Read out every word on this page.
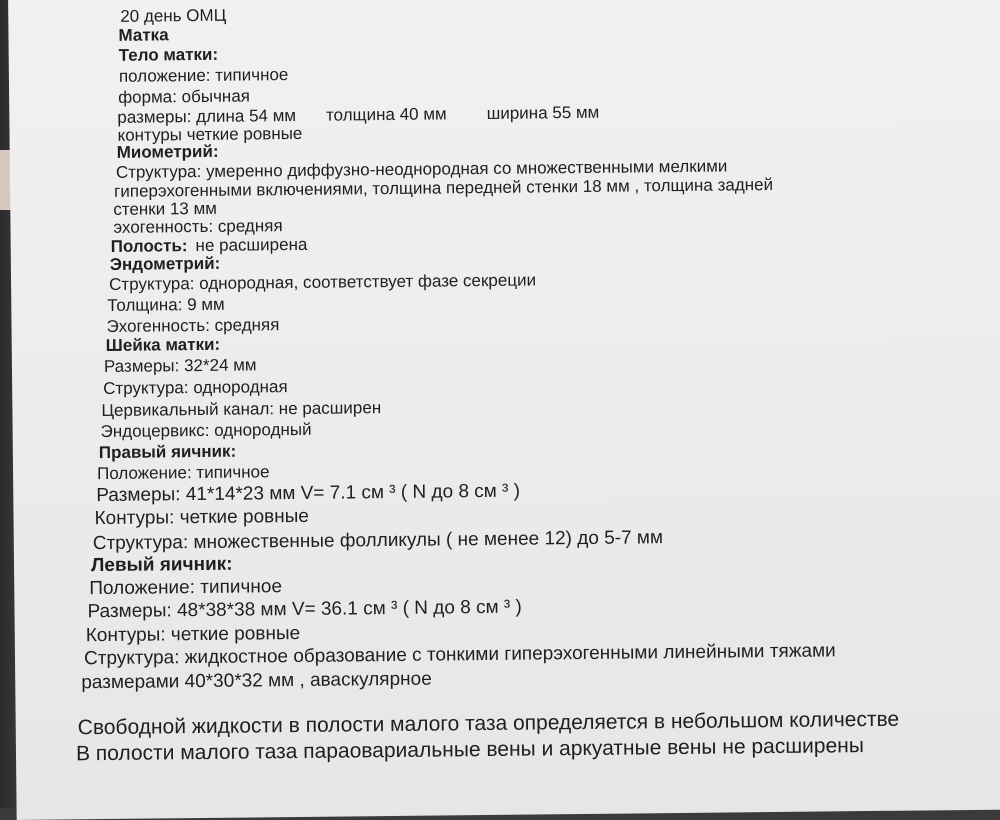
20 день ОМЦ
Матка
Тело матки:
положение: типичное
форма: обычная
размеры: длина 54 мм толщина 40 мм ширина 55 мм
контуры четкие ровные
Миометрий:
Структура: умеренно диффузно-неоднородная со множественными мелкими
гиперэхогенными включениями, толщина передней стенки 18 мм , толщина задней
стенки 13 мм
эхогенность: средняя
Полость: не расширена
Эндометрий:
Структура: однородная, соответствует фазе секреции
Толщина: 9 мм
Эхогенность: средняя
Шейка матки:
Размеры: 32*24 мм
Структура: однородная
Цервикальный канал: не расширен
Эндоцервикс: однородный
Правый яичник:
Положение: типичное
Размеры: 41*14*23 мм V= 7.1 см ³ ( N до 8 см ³ )
Контуры: четкие ровные
Структура: множественные фолликулы ( не менее 12) до 5-7 мм
Левый яичник:
Положение: типичное
Размеры: 48*38*38 мм V= 36.1 см ³ ( N до 8 см ³ )
Контуры: четкие ровные
Структура: жидкостное образование с тонкими гиперэхогенными линейными тяжами
размерами 40*30*32 мм , аваскулярное
Свободной жидкости в полости малого таза определяется в небольшом количестве
В полости малого таза параовариальные вены и аркуатные вены не расширены
